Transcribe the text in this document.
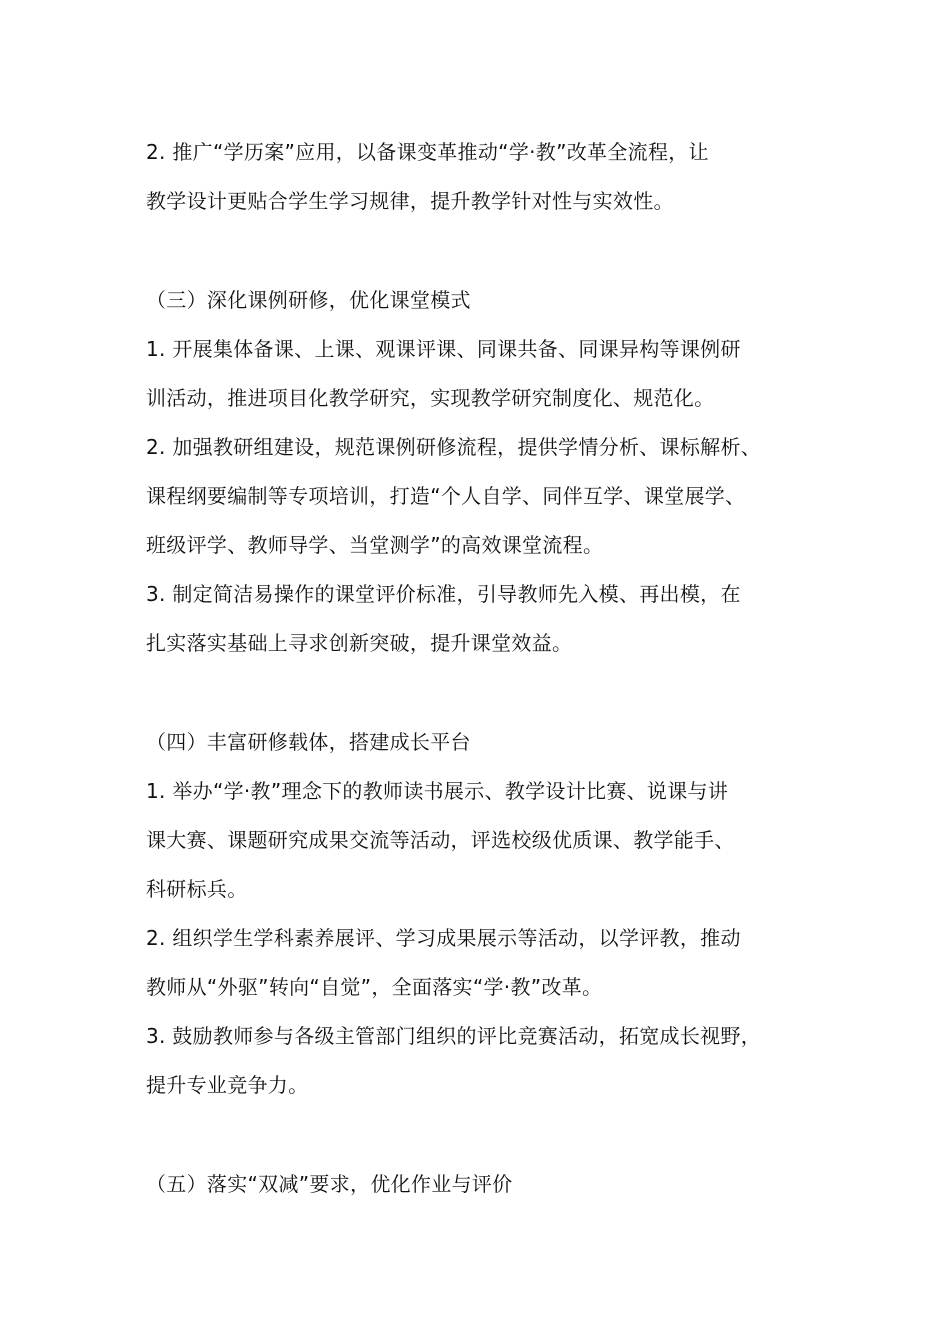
2. 推广“学历案”应用，以备课变革推动“学·教”改革全流程，让

教学设计更贴合学生学习规律，提升教学针对性与实效性。

（三）深化课例研修，优化课堂模式

1. 开展集体备课、上课、观课评课、同课共备、同课异构等课例研

训活动，推进项目化教学研究，实现教学研究制度化、规范化。

2. 加强教研组建设，规范课例研修流程，提供学情分析、课标解析、

课程纲要编制等专项培训，打造“个人自学、同伴互学、课堂展学、

班级评学、教师导学、当堂测学”的高效课堂流程。

3. 制定简洁易操作的课堂评价标准，引导教师先入模、再出模，在

扎实落实基础上寻求创新突破，提升课堂效益。

（四）丰富研修载体，搭建成长平台

1. 举办“学·教”理念下的教师读书展示、教学设计比赛、说课与讲

课大赛、课题研究成果交流等活动，评选校级优质课、教学能手、

科研标兵。

2. 组织学生学科素养展评、学习成果展示等活动，以学评教，推动

教师从“外驱”转向“自觉”，全面落实“学·教”改革。

3. 鼓励教师参与各级主管部门组织的评比竞赛活动，拓宽成长视野，

提升专业竞争力。

（五）落实“双减”要求，优化作业与评价
